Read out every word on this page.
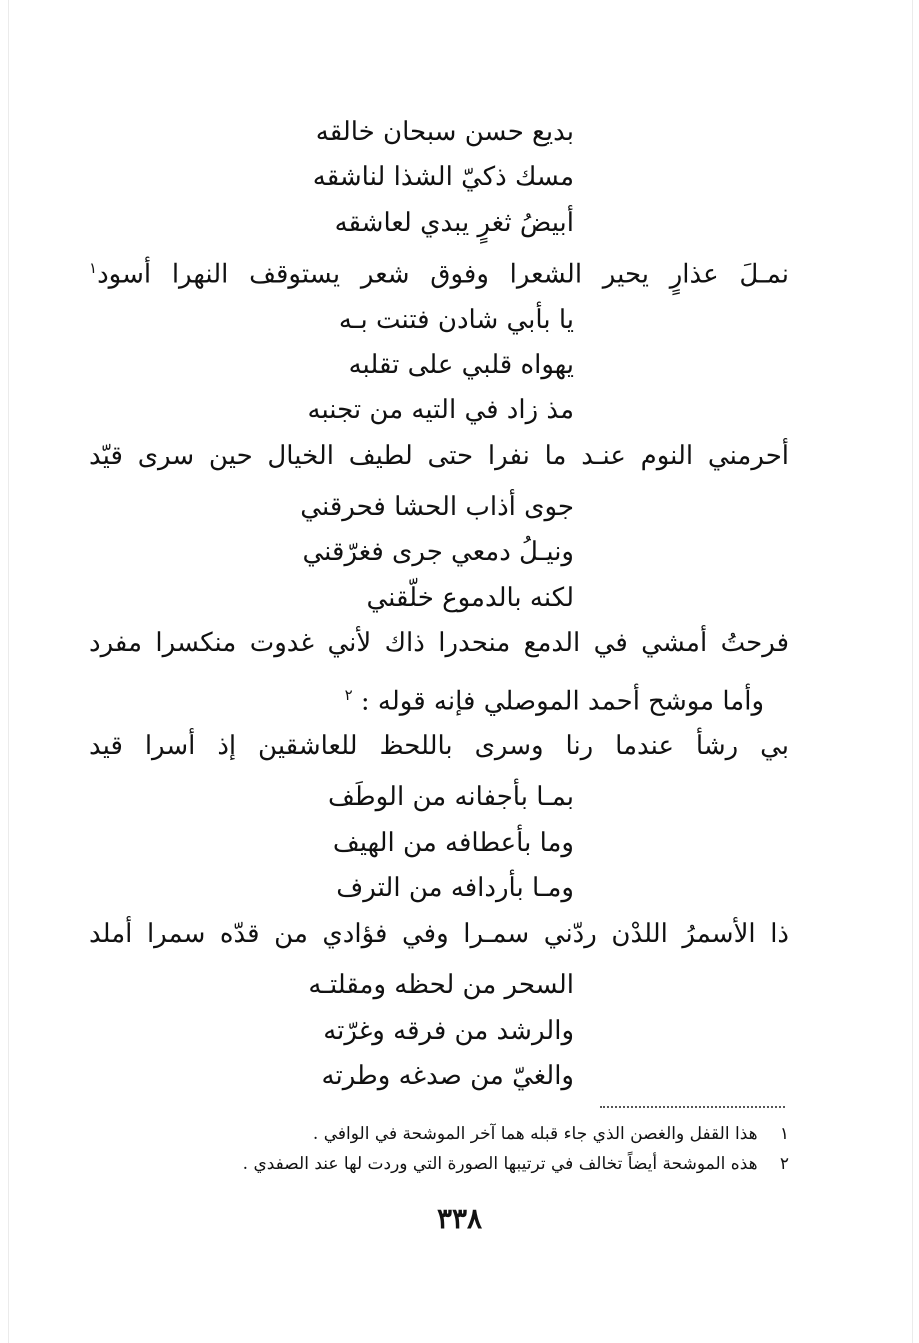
بديع حسن سبحان خالقه
مسك ذكيّ الشذا لناشقه
أبيضُ ثغرٍ يبدي لعاشقه
نمـلَ عذارٍ يحير الشعرا وفوق شعر يستوقف النهرا أسود$^١$
يا بأبي شادن فتنت بـه
يهواه قلبي على تقلبه
مذ زاد في التيه من تجنبه
أحرمني النوم عنـد ما نفرا حتى لطيف الخيال حين سرى قيّد
جوى أذاب الحشا فحرقني
ونيـلُ دمعي جرى فغرّقني
لكنه بالدموع خلّقني
فرحتُ أمشي في الدمع منحدرا ذاك لأني غدوت منكسرا مفرد
وأما موشح أحمد الموصلي فإنه قوله : $^٢$
بي رشأ عندما رنا وسرى باللحظ للعاشقين إذ أسرا قيد
بمـا بأجفانه من الوطَف
وما بأعطافه من الهيف
ومـا بأردافه من الترف
ذا الأسمرُ اللدْن ردّني سمـرا وفي فؤادي من قدّه سمرا أملد
السحر من لحظه ومقلتـه
والرشد من فرقه وغرّته
والغيّ من صدغه وطرته
١ هذا القفل والغصن الذي جاء قبله هما آخر الموشحة في الوافي .
٢ هذه الموشحة أيضاً تخالف في ترتيبها الصورة التي وردت لها عند الصفدي .
٣٣٨
